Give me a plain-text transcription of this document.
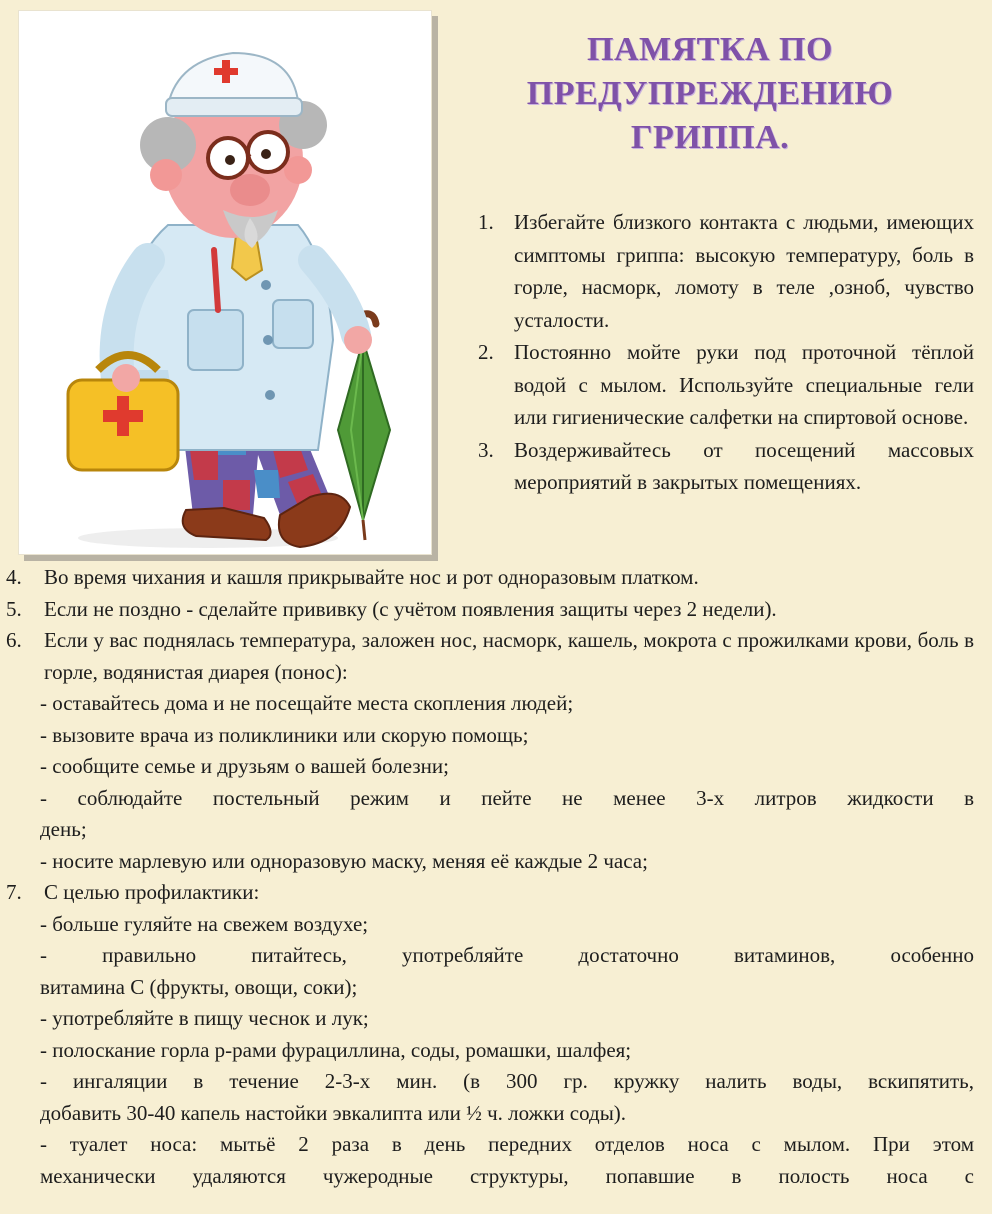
ПАМЯТКА ПО
ПРЕДУПРЕЖДЕНИЮ
ГРИППА.
1. Избегайте близкого контакта с людьми, имеющих симптомы гриппа: высокую температуру, боль в горле, насморк, ломоту в теле ,озноб, чувство усталости.
2. Постоянно мойте руки под проточной тёплой водой с мылом. Используйте специальные гели или гигиенические салфетки на спиртовой основе.
3. Воздерживайтесь от посещений массовых мероприятий в закрытых помещениях.
4.	Во время чихания и кашля прикрывайте нос и рот одноразовым платком.
5.	Если не поздно - сделайте прививку (с учётом появления защиты через 2 недели).
6.	Если у вас поднялась температура, заложен нос, насморк, кашель, мокрота с прожилками крови, боль в горле, водянистая диарея (понос):
- оставайтесь дома и не посещайте места скопления людей;
- вызовите врача из поликлиники или скорую помощь;
- сообщите семье и друзьям о вашей болезни;
- соблюдайте постельный режим и пейте не менее 3-х литров жидкости в
день;
- носите марлевую или одноразовую маску, меняя её каждые 2 часа;
7.	С целью профилактики:
- больше гуляйте на свежем воздухе;
- правильно питайтесь, употребляйте достаточно витаминов, особенно
витамина С (фрукты, овощи, соки);
- употребляйте в пищу чеснок и лук;
- полоскание горла р-рами фурациллина, соды, ромашки, шалфея;
- ингаляции в течение 2-3-х мин. (в 300 гр. кружку налить воды, вскипятить,
добавить 30-40 капель настойки эвкалипта или ½ ч. ложки соды).
- туалет носа: мытьё 2 раза в день передних отделов носа с мылом. При этом
механически удаляются чужеродные структуры, попавшие в полость носа с
